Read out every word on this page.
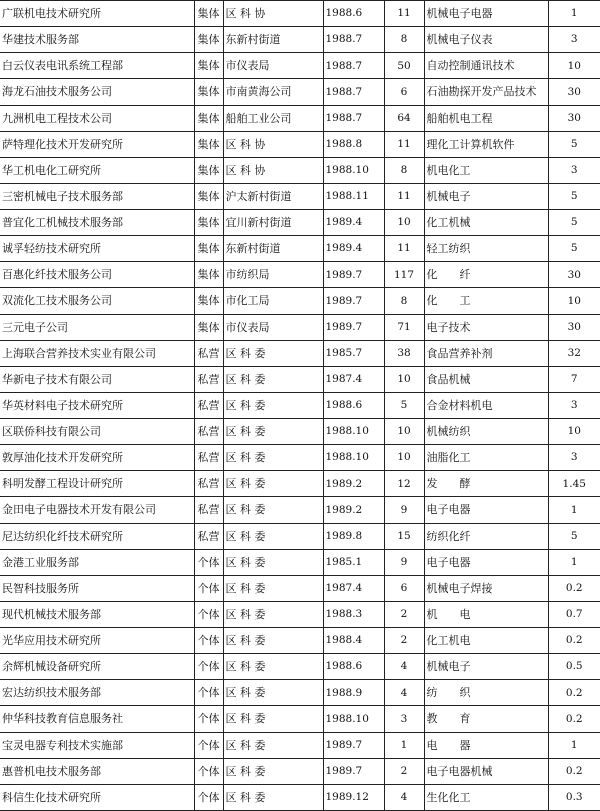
广联机电技术研究所	集体	区 科 协	1988.6	11	机械电子电器	1
华建技术服务部	集体	东新村街道	1988.7	8	机械电子仪表	3
白云仪表电讯系统工程部	集体	市仪表局	1988.7	50	自动控制通讯技术	10
海龙石油技术服务公司	集体	市南黄海公司	1988.7	6	石油勘探开发产品技术	30
九洲机电工程技术公司	集体	船舶工业公司	1988.7	64	船舶机电工程	30
萨特理化技术开发研究所	集体	区 科 协	1988.8	11	理化工计算机软件	5
华工机电化工研究所	集体	区 科 协	1988.10	8	机电化工	3
三密机械电子技术服务部	集体	沪太新村街道	1988.11	11	机械电子	5
普宜化工机械技术服务部	集体	宜川新村街道	1989.4	10	化工机械	5
诚孚轻纺技术研究所	集体	东新村街道	1989.4	11	轻工纺织	5
百惠化纤技术服务公司	集体	市纺织局	1989.7	117	化　　纤	30
双流化工技术服务公司	集体	市化工局	1989.7	8	化　　工	10
三元电子公司	集体	市仪表局	1989.7	71	电子技术	30
上海联合营养技术实业有限公司	私营	区 科 委	1985.7	38	食品营养补剂	32
华新电子技术有限公司	私营	区 科 委	1987.4	10	食品机械	7
华英材料电子技术研究所	私营	区 科 委	1988.6	5	合金材料机电	3
区联侨科技有限公司	私营	区 科 委	1988.10	10	机械纺织	10
敦厚油化技术开发研究所	私营	区 科 委	1988.10	10	油脂化工	3
科明发酵工程设计研究所	私营	区 科 委	1989.2	12	发　　酵	1.45
金田电子电器技术开发有限公司	私营	区 科 委	1989.2	9	电子电器	1
尼达纺织化纤技术研究所	私营	区 科 委	1989.8	15	纺织化纤	5
金港工业服务部	个体	区 科 委	1985.1	9	电子电器	1
民智科技服务所	个体	区 科 委	1987.4	6	机械电子焊接	0.2
现代机械技术服务部	个体	区 科 委	1988.3	2	机　　电	0.7
光华应用技术研究所	个体	区 科 委	1988.4	2	化工机电	0.2
余辉机械设备研究所	个体	区 科 委	1988.6	4	机械电子	0.5
宏达纺织技术服务部	个体	区 科 委	1988.9	4	纺　　织	0.2
仲华科技教育信息服务社	个体	区 科 委	1988.10	3	教　　育	0.2
宝灵电器专利技术实施部	个体	区 科 委	1989.7	1	电　　器	1
惠普机电技术服务部	个体	区 科 委	1989.7	2	电子电器机械	0.2
科信生化技术研究所	个体	区 科 委	1989.12	4	生化化工	0.3
